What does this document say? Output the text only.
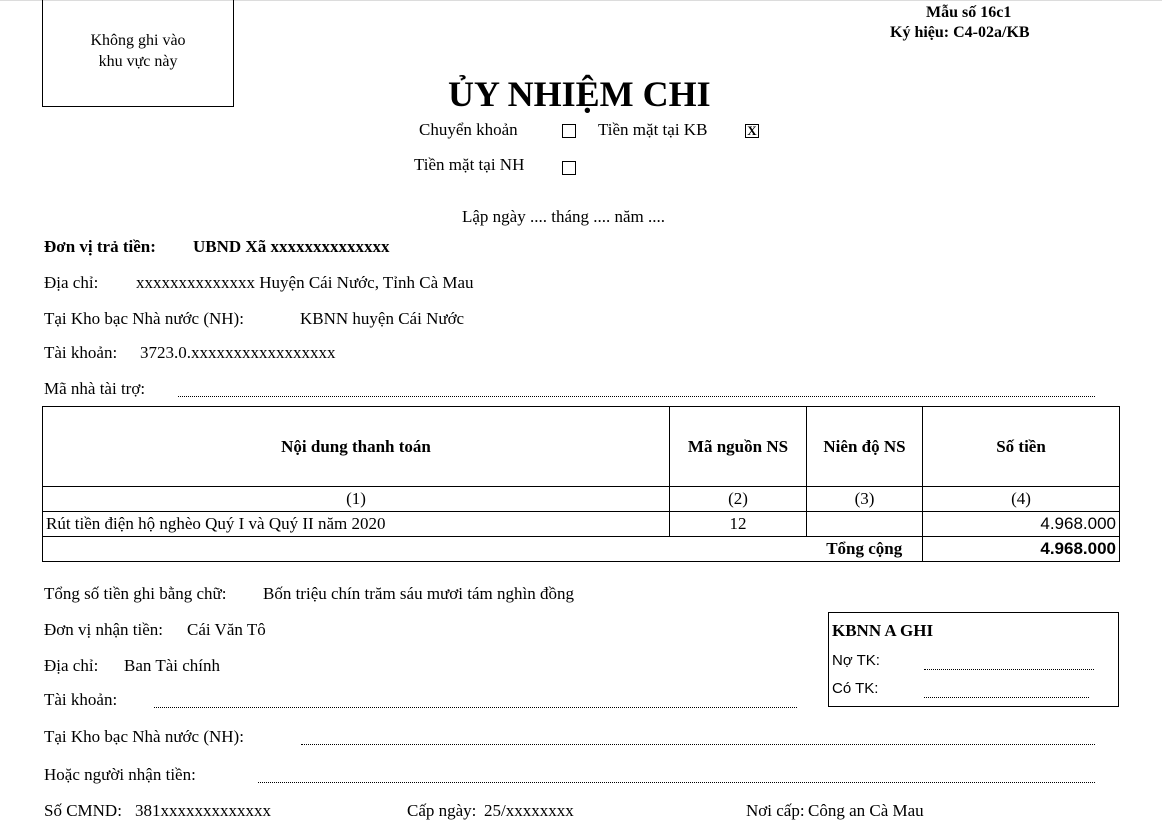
Không ghi vào
khu vực này
Mẫu số 16c1
Ký hiệu: C4-02a/KB
ỦY NHIỆM CHI
Chuyển khoản	Tiền mặt tại KB	X
Tiền mặt tại NH
Lập ngày .... tháng .... năm ....
Đơn vị trả tiền: UBND Xã xxxxxxxxxxxxxx
Địa chỉ: xxxxxxxxxxxxxx Huyện Cái Nước, Tỉnh Cà Mau
Tại Kho bạc Nhà nước (NH):	KBNN huyện Cái Nước
Tài khoản: 3723.0.xxxxxxxxxxxxxxxxx
Mã nhà tài trợ:
Nội dung thanh toán	Mã nguồn NS	Niên độ NS	Số tiền
(1)	(2)	(3)	(4)
Rút tiền điện hộ nghèo Quý I và Quý II năm 2020	12		4.968.000
		Tổng cộng	4.968.000
Tổng số tiền ghi bằng chữ: Bốn triệu chín trăm sáu mươi tám nghìn đồng
Đơn vị nhận tiền: Cái Văn Tô
Địa chỉ: Ban Tài chính
Tài khoản:
Tại Kho bạc Nhà nước (NH):
Hoặc người nhận tiền:
Số CMND: 381xxxxxxxxxxxxx	Cấp ngày: 25/xxxxxxxx	Nơi cấp: Công an Cà Mau
KBNN A GHI
Nợ TK:
Có TK:
